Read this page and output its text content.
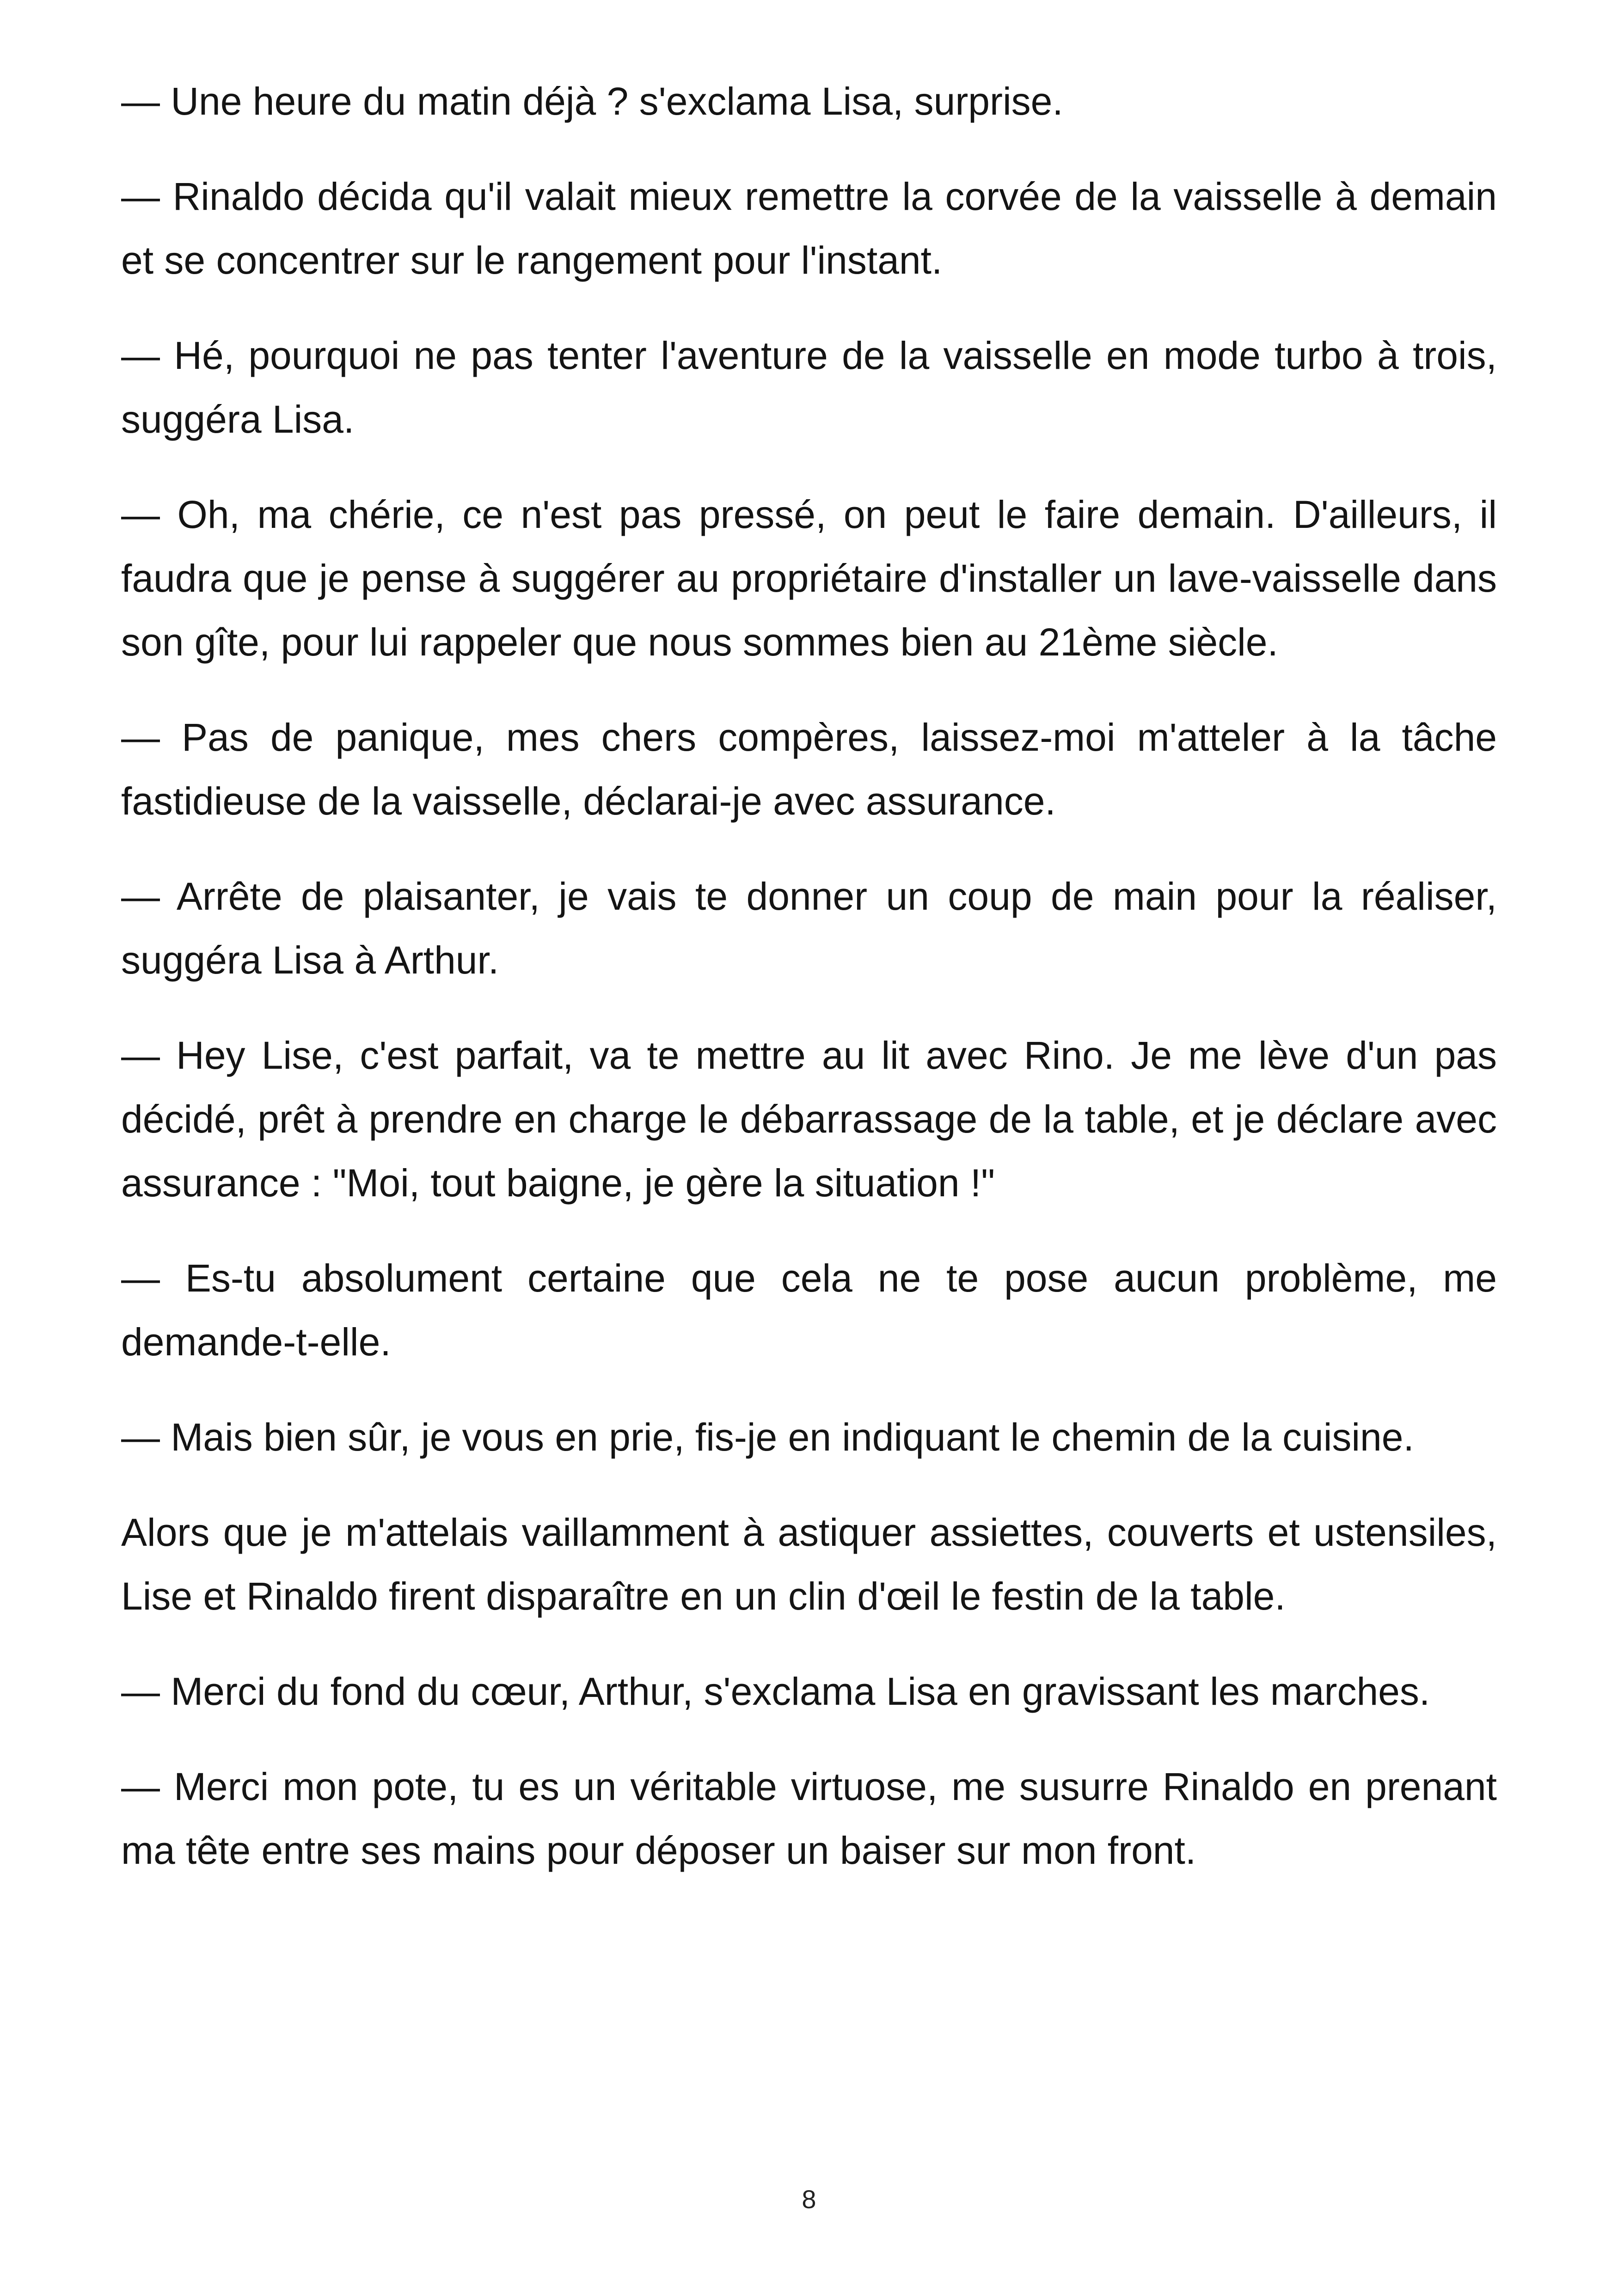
— Une heure du matin déjà ? s'exclama Lisa, surprise.

— Rinaldo décida qu'il valait mieux remettre la corvée de la vaisselle à demain et se concentrer sur le rangement pour l'instant.

— Hé, pourquoi ne pas tenter l'aventure de la vaisselle en mode turbo à trois, suggéra Lisa.

— Oh, ma chérie, ce n'est pas pressé, on peut le faire demain. D'ailleurs, il faudra que je pense à suggérer au propriétaire d'installer un lave-vaisselle dans son gîte, pour lui rappeler que nous sommes bien au 21ème siècle.

— Pas de panique, mes chers compères, laissez-moi m'atteler à la tâche fastidieuse de la vaisselle, déclarai-je avec assurance.

— Arrête de plaisanter, je vais te donner un coup de main pour la réaliser, suggéra Lisa à Arthur.

— Hey Lise, c'est parfait, va te mettre au lit avec Rino. Je me lève d'un pas décidé, prêt à prendre en charge le débarrassage de la table, et je déclare avec assurance : "Moi, tout baigne, je gère la situation !"

— Es-tu absolument certaine que cela ne te pose aucun problème, me demande-t-elle.

— Mais bien sûr, je vous en prie, fis-je en indiquant le chemin de la cuisine.

Alors que je m'attelais vaillamment à astiquer assiettes, couverts et ustensiles, Lise et Rinaldo firent disparaître en un clin d'œil le festin de la table.

— Merci du fond du cœur, Arthur, s'exclama Lisa en gravissant les marches.

— Merci mon pote, tu es un véritable virtuose, me susurre Rinaldo en prenant ma tête entre ses mains pour déposer un baiser sur mon front.

8
